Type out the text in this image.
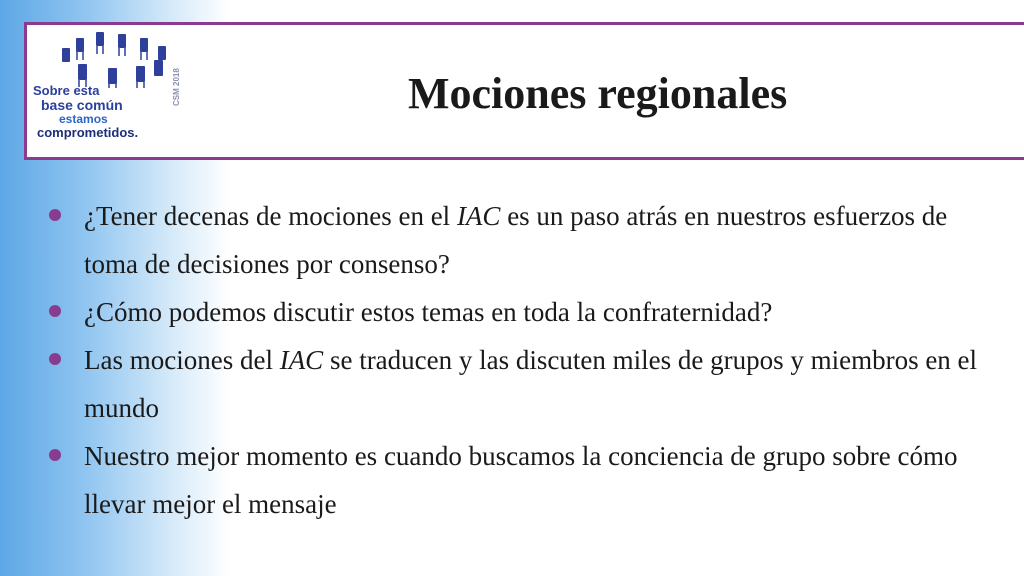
Sobre esta
base común
estamos
comprometidos.
CSM 2018	Mociones regionales
¿Tener decenas de mociones en el IAC es un paso atrás en nuestros esfuerzos de toma de decisiones por consenso?
¿Cómo podemos discutir estos temas en toda la confraternidad?
Las mociones del IAC se traducen y las discuten miles de grupos y miembros en el mundo
Nuestro mejor momento es cuando buscamos la conciencia de grupo sobre cómo llevar mejor el mensaje
